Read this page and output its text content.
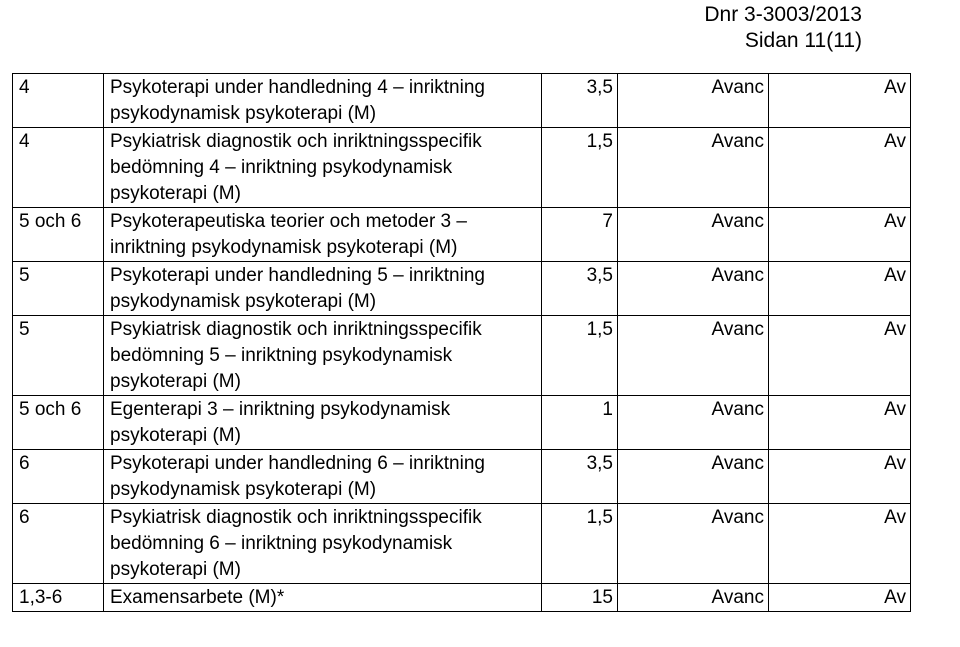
Dnr 3-3003/2013
Sidan 11(11)
4	Psykoterapi under handledning 4 – inriktning psykodynamisk psykoterapi (M)	3,5	Avanc	Av
4	Psykiatrisk diagnostik och inriktningsspecifik bedömning 4 – inriktning psykodynamisk psykoterapi (M)	1,5	Avanc	Av
5 och 6	Psykoterapeutiska teorier och metoder 3 – inriktning psykodynamisk psykoterapi (M)	7	Avanc	Av
5	Psykoterapi under handledning 5 – inriktning psykodynamisk psykoterapi (M)	3,5	Avanc	Av
5	Psykiatrisk diagnostik och inriktningsspecifik bedömning 5 – inriktning psykodynamisk psykoterapi (M)	1,5	Avanc	Av
5 och 6	Egenterapi 3 – inriktning psykodynamisk psykoterapi (M)	1	Avanc	Av
6	Psykoterapi under handledning 6 – inriktning psykodynamisk psykoterapi (M)	3,5	Avanc	Av
6	Psykiatrisk diagnostik och inriktningsspecifik bedömning 6 – inriktning psykodynamisk psykoterapi (M)	1,5	Avanc	Av
1,3-6	Examensarbete (M)*	15	Avanc	Av
